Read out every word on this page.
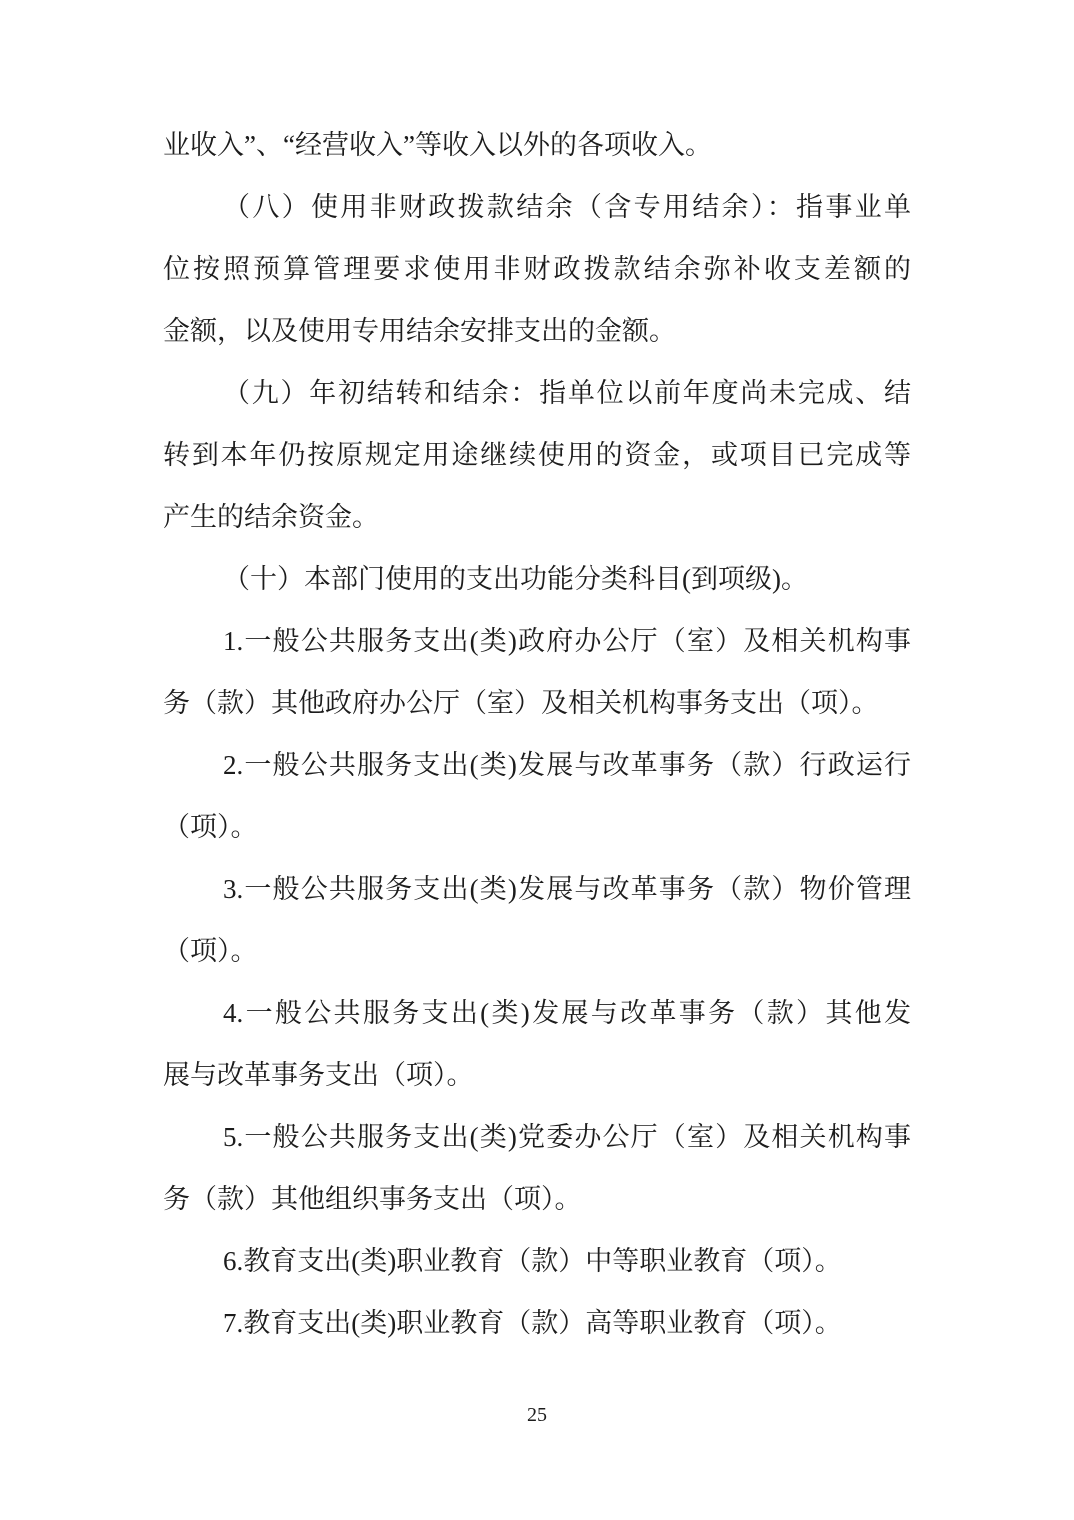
业收入”、“经营收入”等收入以外的各项收入。
（八）使用非财政拨款结余（含专用结余）：指事业单
位按照预算管理要求使用非财政拨款结余弥补收支差额的
金额，以及使用专用结余安排支出的金额。
（九）年初结转和结余：指单位以前年度尚未完成、结
转到本年仍按原规定用途继续使用的资金，或项目已完成等
产生的结余资金。
（十）本部门使用的支出功能分类科目(到项级)。
1.一般公共服务支出(类)政府办公厅（室）及相关机构事
务（款）其他政府办公厅（室）及相关机构事务支出（项）。
2.一般公共服务支出(类)发展与改革事务（款）行政运行
（项）。
3.一般公共服务支出(类)发展与改革事务（款）物价管理
（项）。
4.一般公共服务支出(类)发展与改革事务（款）其他发
展与改革事务支出（项）。
5.一般公共服务支出(类)党委办公厅（室）及相关机构事
务（款）其他组织事务支出（项）。
6.教育支出(类)职业教育（款）中等职业教育（项）。
7.教育支出(类)职业教育（款）高等职业教育（项）。
25
